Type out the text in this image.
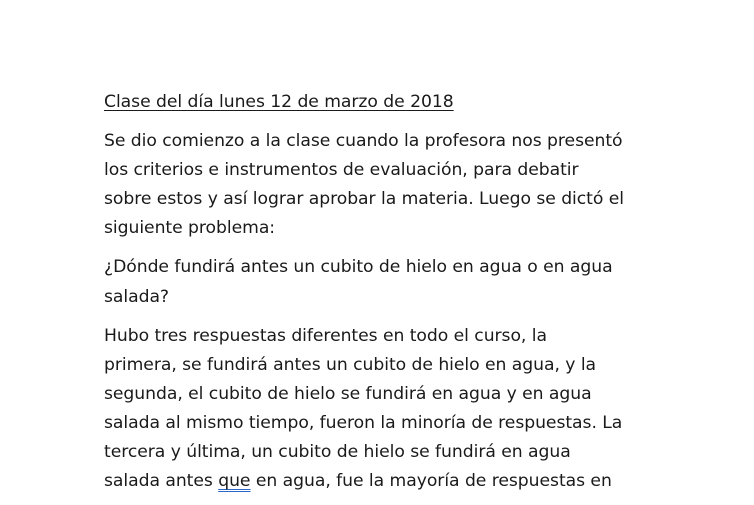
Clase del día lunes 12 de marzo de 2018
Se dio comienzo a la clase cuando la profesora nos presentó
los criterios e instrumentos de evaluación, para debatir
sobre estos y así lograr aprobar la materia. Luego se dictó el
siguiente problema:
¿Dónde fundirá antes un cubito de hielo en agua o en agua
salada?
Hubo tres respuestas diferentes en todo el curso, la
primera, se fundirá antes un cubito de hielo en agua, y la
segunda, el cubito de hielo se fundirá en agua y en agua
salada al mismo tiempo, fueron la minoría de respuestas. La
tercera y última, un cubito de hielo se fundirá en agua
salada antes que en agua, fue la mayoría de respuestas en
